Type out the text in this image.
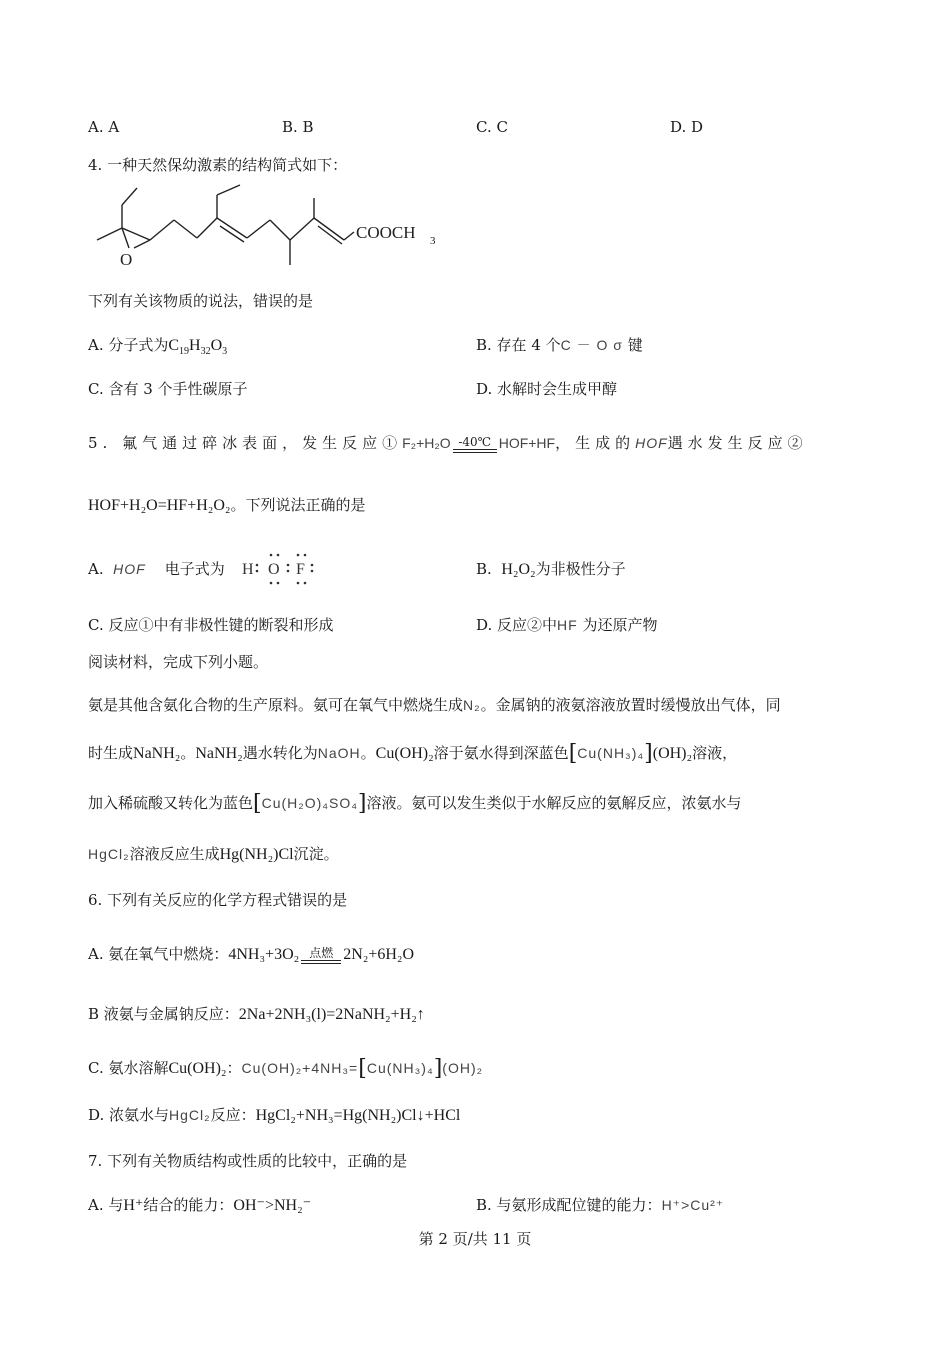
A. A	B. B	C. C	D. D
4. 一种天然保幼激素的结构简式如下：
O
COOCH 3
下列有关该物质的说法，错误的是
A. 分子式为$C_{19}H_{32}O_3$	B. 存在 4 个C － O σ 键
C. 含有 3 个手性碳原子	D. 水解时会生成甲醇
5. 氟气通过碎冰表面，发生反应①F₂+H₂O -40℃ HOF+HF，生成的HOF遇水发生反应②
HOF+H₂O=HF+H₂O₂。下列说法正确的是
A. HOF 电子式为 H O F	B. H₂O₂为非极性分子
C. 反应①中有非极性键的断裂和形成	D. 反应②中HF 为还原产物
阅读材料，完成下列小题。
氨是其他含氨化合物的生产原料。氨可在氧气中燃烧生成N₂。金属钠的液氨溶液放置时缓慢放出气体，同
时生成NaNH₂。NaNH₂遇水转化为NaOH。Cu(OH)₂溶于氨水得到深蓝色[Cu(NH₃)₄](OH)₂溶液，
加入稀硫酸又转化为蓝色[Cu(H₂O)₄SO₄]溶液。氨可以发生类似于水解反应的氨解反应，浓氨水与
HgCl₂溶液反应生成Hg(NH₂)Cl沉淀。
6. 下列有关反应的化学方程式错误的是
A. 氨在氧气中燃烧：4NH₃+3O₂ 点燃 2N₂+6H₂O
B 液氨与金属钠反应：2Na+2NH₃(l)=2NaNH₂+H₂↑
C. 氨水溶解Cu(OH)₂：Cu(OH)₂+4NH₃=[Cu(NH₃)₄](OH)₂
D. 浓氨水与HgCl₂反应：HgCl₂+NH₃=Hg(NH₂)Cl↓+HCl
7. 下列有关物质结构或性质的比较中，正确的是
A. 与H⁺结合的能力：OH⁻>NH₂⁻	B. 与氨形成配位键的能力：H⁺>Cu²⁺
第 2 页/共 11 页
